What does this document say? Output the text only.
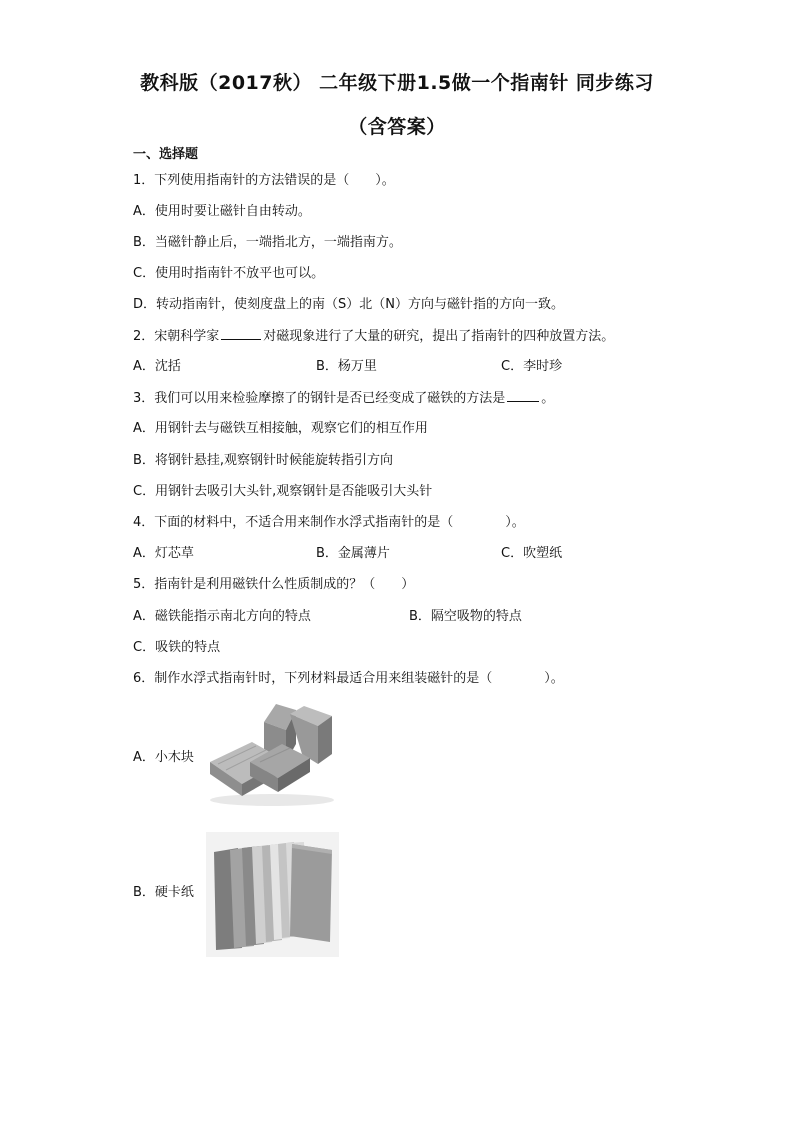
教科版（2017秋） 二年级下册1.5做一个指南针 同步练习
（含答案）
一、选择题
1．下列使用指南针的方法错误的是（　　）。
A．使用时要让磁针自由转动。
B．当磁针静止后，一端指北方，一端指南方。
C．使用时指南针不放平也可以。
D．转动指南针，使刻度盘上的南（S）北（N）方向与磁针指的方向一致。
2．宋朝科学家	对磁现象进行了大量的研究，提出了指南针的四种放置方法。
A．沈括	B．杨万里	C．李时珍
3．我们可以用来检验摩擦了的钢针是否已经变成了磁铁的方法是	。
A．用钢针去与磁铁互相接触，观察它们的相互作用
B．将钢针悬挂,观察钢针时候能旋转指引方向
C．用钢针去吸引大头针,观察钢针是否能吸引大头针
4．下面的材料中，不适合用来制作水浮式指南针的是（　　　　）。
A．灯芯草	B．金属薄片	C．吹塑纸
5．指南针是利用磁铁什么性质制成的？（　　）
A．磁铁能指示南北方向的特点	B．隔空吸物的特点
C．吸铁的特点
6．制作水浮式指南针时，下列材料最适合用来组装磁针的是（　　　　）。
A．小木块
B．硬卡纸
